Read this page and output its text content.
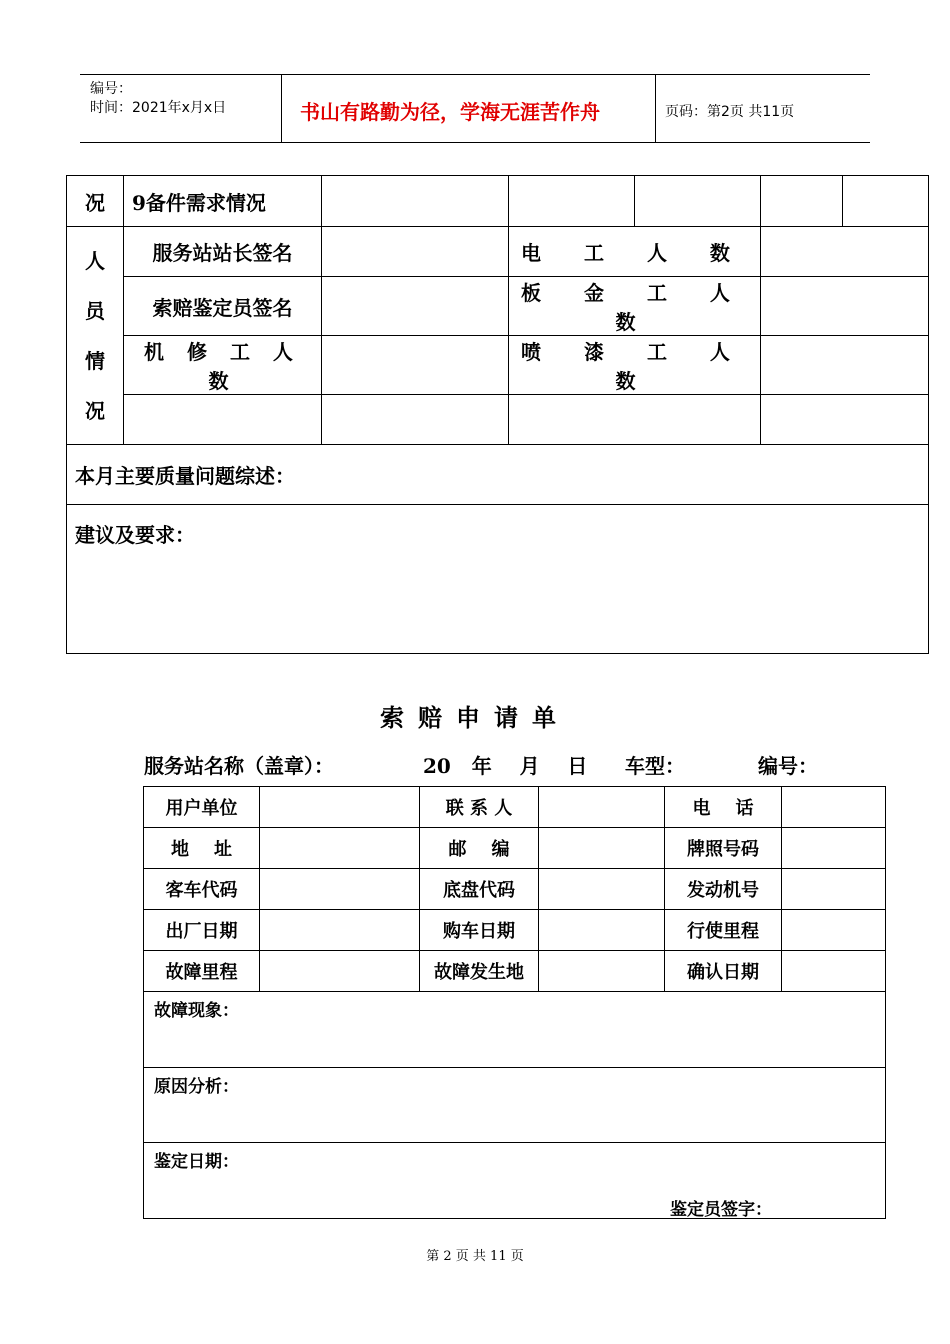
编号：
时间：2021年x月x日	书山有路勤为径，学海无涯苦作舟	页码：第2页 共11页
况	9备件需求情况					

人
员
情
况	服务站站长签名		电 工 人 数			
	索赔鉴定员签名		板 金 工 人 数			
	机 修 工 人 数		喷 漆 工 人 数			

本月主要质量问题综述：						
建议及要求：						
索赔申请单
服务站名称（盖章）：	20   年    月    日 车型：	编号：
用户单位		联 系 人		电    话	
地    址		邮    编		牌照号码	
客车代码		底盘代码		发动机号	
出厂日期		购车日期		行使里程	
故障里程		故障发生地		确认日期	
故障现象：					
原因分析：					

鉴定日期：
鉴定员签字：					
第 2 页 共 11 页
